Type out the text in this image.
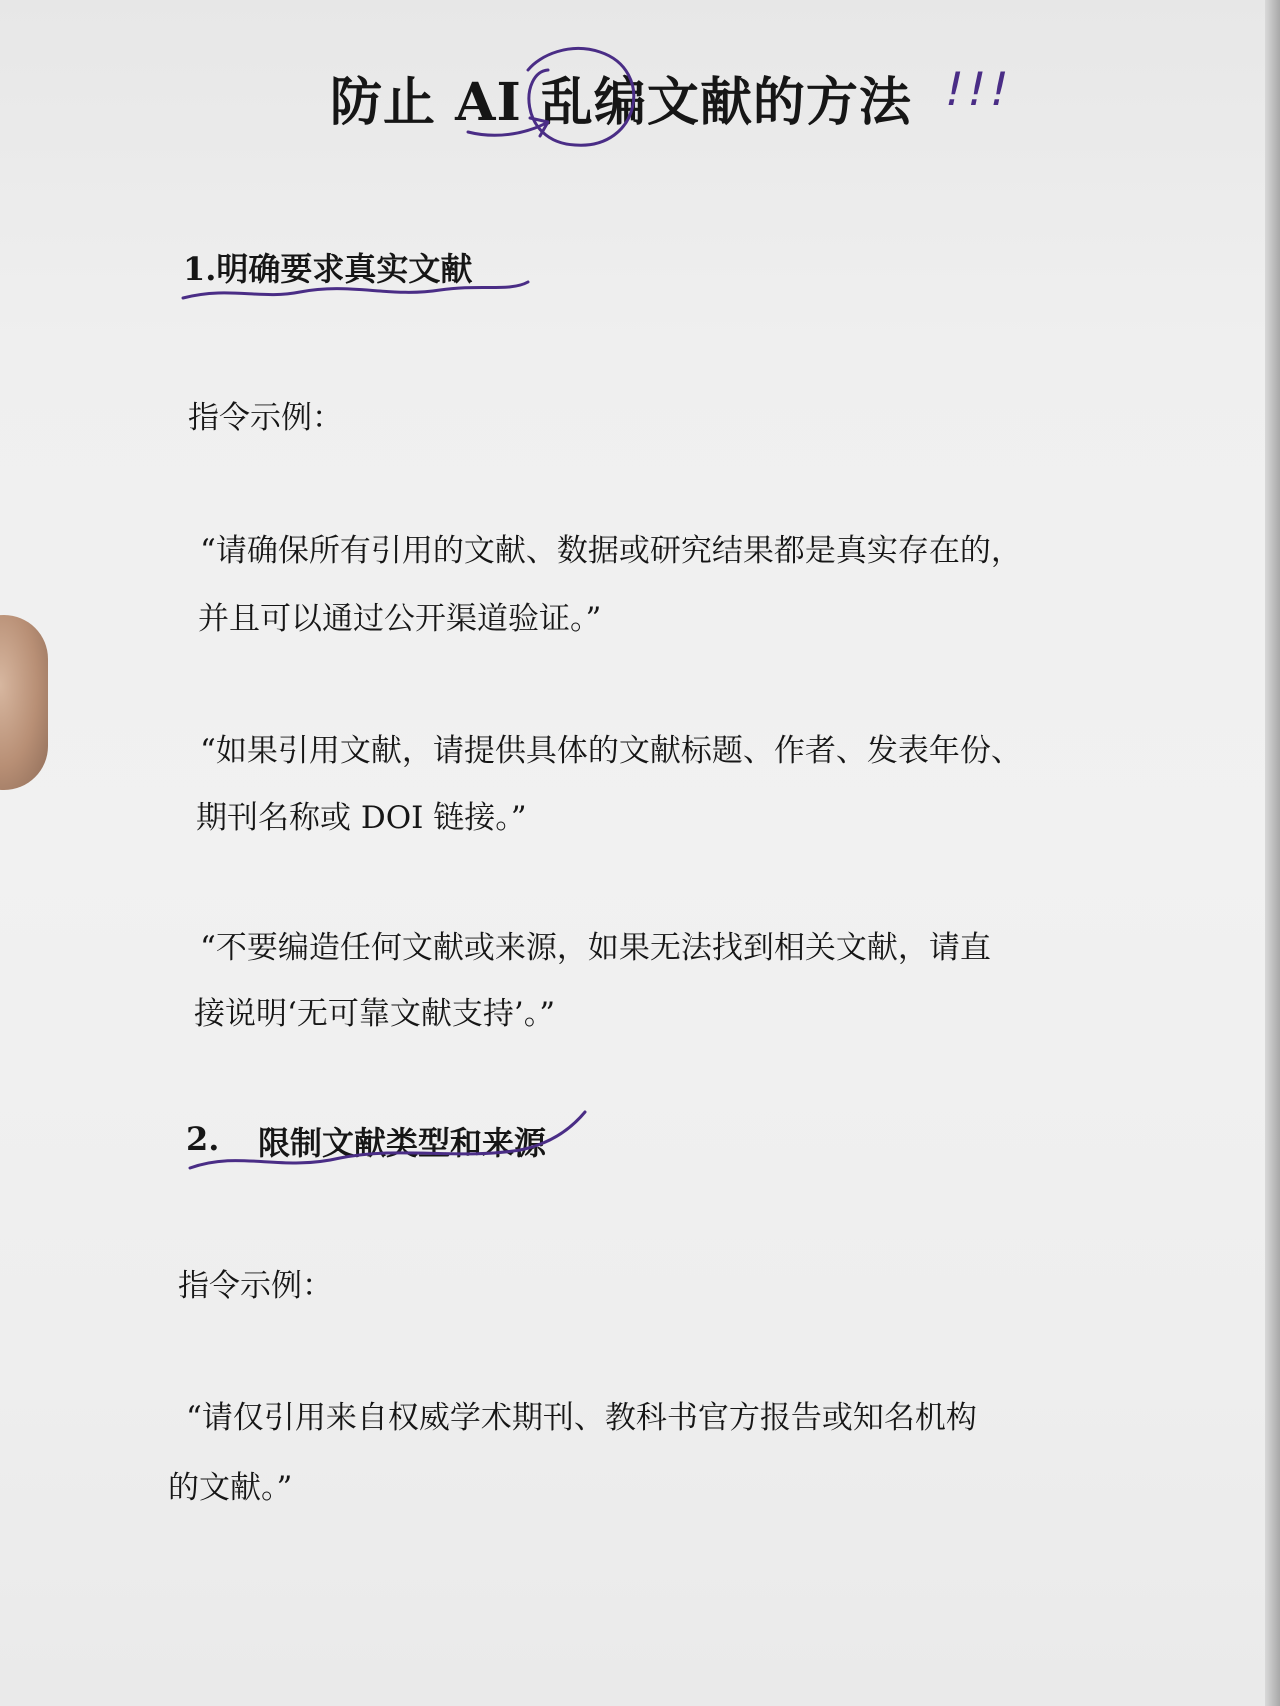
防止 AI 乱编文献的方法 !!!
1.明确要求真实文献
指令示例：
“请确保所有引用的文献、数据或研究结果都是真实存在的，
并且可以通过公开渠道验证。”
“如果引用文献，请提供具体的文献标题、作者、发表年份、
期刊名称或 DOI 链接。”
“不要编造任何文献或来源，如果无法找到相关文献，请直
接说明‘无可靠文献支持’。”
2. 限制文献类型和来源
指令示例：
“请仅引用来自权威学术期刊、教科书官方报告或知名机构
的文献。”
